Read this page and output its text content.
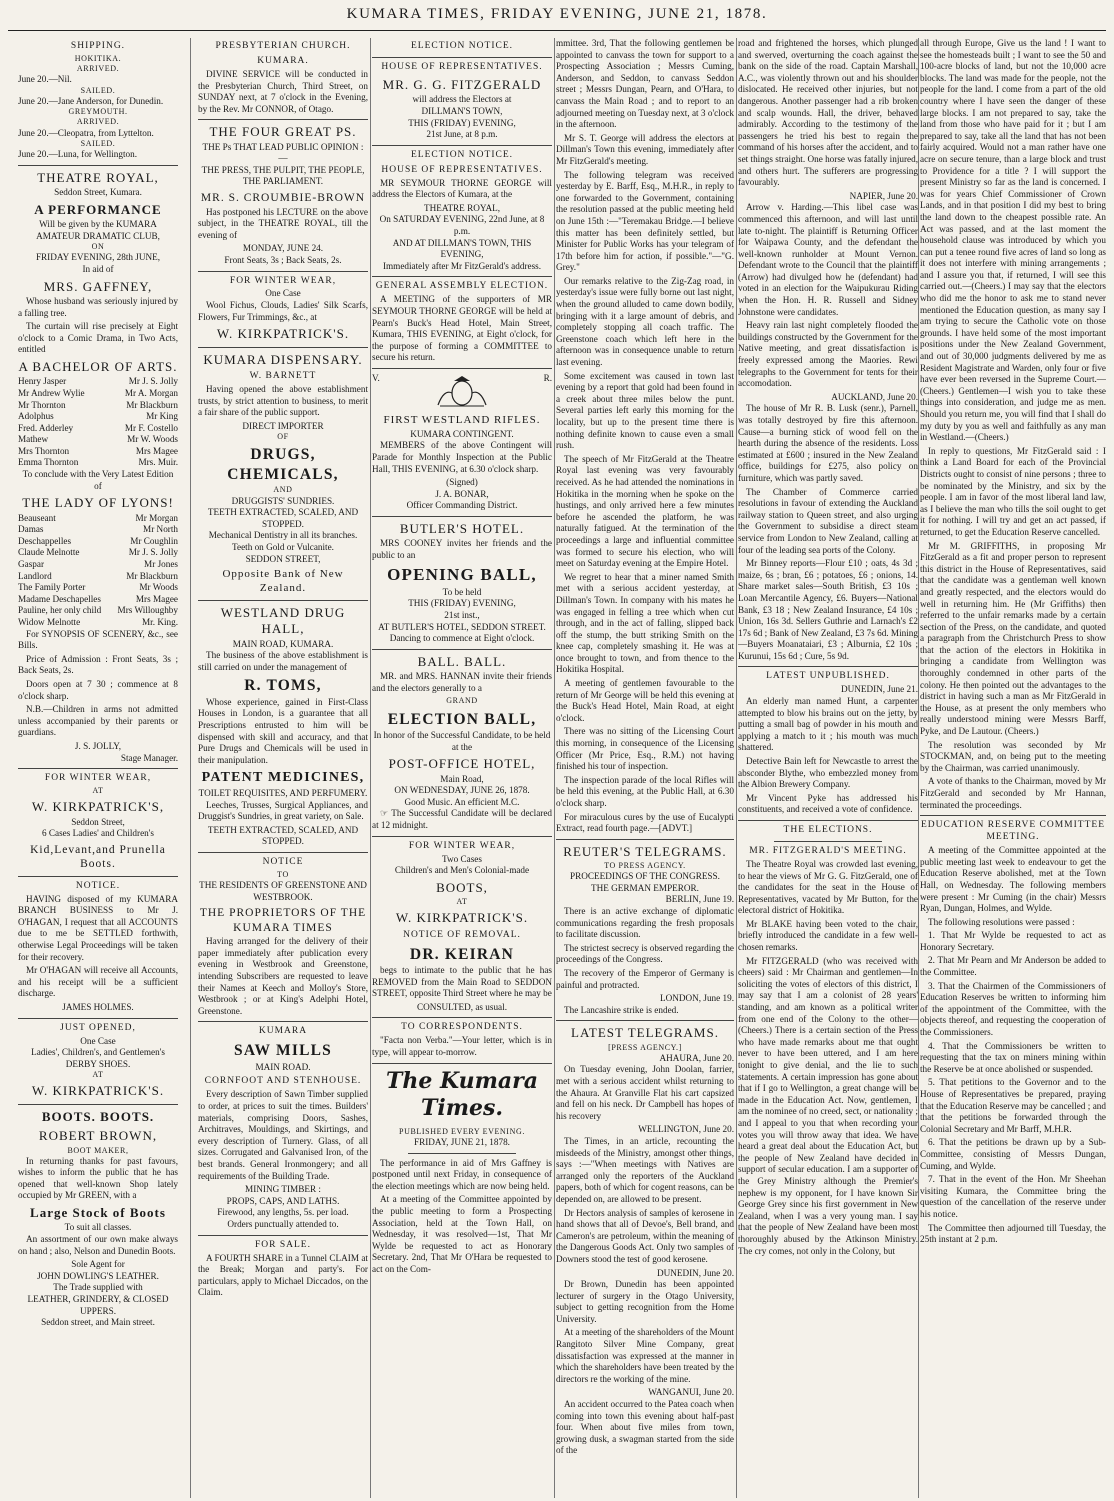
KUMARA TIMES, FRIDAY EVENING, JUNE 21, 1878.
SHIPPING.
HOKITIKA.
ARRIVED.
June 20.—Nil.
SAILED.
June 20.—Jane Anderson, for Dunedin.
GREYMOUTH.
ARRIVED.
June 20.—Cleopatra, from Lyttelton.
SAILED.
June 20.—Luna, for Wellington.
THEATRE ROYAL,
Seddon Street, Kumara.
A PERFORMANCE
Will be given by the KUMARA AMATEUR DRAMATIC CLUB,
ON
FRIDAY EVENING, 28th JUNE,
In aid of
MRS. GAFFNEY,
Whose husband was seriously injured by a falling tree.
The curtain will rise precisely at Eight o'clock to a Comic Drama, in Two Acts, entitled
A BACHELOR OF ARTS.
Henry Jasper	Mr J. S. Jolly
Mr Andrew Wylie	Mr A. Morgan
Mr Thornton	Mr Blackburn
Adolphus	Mr King
Fred. Adderley	Mr F. Costello
Mathew	Mr W. Woods
Mrs Thornton	Mrs Magee
Emma Thornton	Mrs. Muir.
To conclude with the Very Latest Edition of
THE LADY OF LYONS!
Beauseant	Mr Morgan
Damas	Mr North
Deschappelles	Mr Coughlin
Claude Melnotte	Mr J. S. Jolly
Gaspar	Mr Jones
Landlord	Mr Blackburn
The Family Porter	Mr Woods
Madame Deschapelles	Mrs Magee
Pauline, her only child Mrs Willoughby
Widow Melnotte	Mr. King.
For SYNOPSIS OF SCENERY, &c., see Bills.
Price of Admission : Front Seats, 3s ; Back Seats, 2s.
Doors open at 7 30 ; commence at 8 o'clock sharp.
N.B.—Children in arms not admitted unless accompanied by their parents or guardians.
J. S. JOLLY,
Stage Manager.
FOR WINTER WEAR,
AT
W. KIRKPATRICK'S,
Seddon Street,
6 Cases Ladies' and Children's
Kid,Levant,and Prunella Boots.
NOTICE.
HAVING disposed of my KUMARA BRANCH BUSINESS to Mr J. O'HAGAN, I request that all ACCOUNTS due to me be SETTLED forthwith, otherwise Legal Proceedings will be taken for their recovery.
Mr O'HAGAN will receive all Accounts, and his receipt will be a sufficient discharge.
JAMES HOLMES.
JUST OPENED,
One Case
Ladies', Children's, and Gentlemen's
DERBY SHOES.
AT
W. KIRKPATRICK'S.
BOOTS. BOOTS.
ROBERT BROWN,
BOOT MAKER,
In returning thanks for past favours, wishes to inform the public that he has opened that well-known Shop lately occupied by Mr GREEN, with a
Large Stock of Boots
To suit all classes.
An assortment of our own make always on hand ; also, Nelson and Dunedin Boots.
Sole Agent for
JOHN DOWLING'S LEATHER.
The Trade supplied with
LEATHER, GRINDERY, & CLOSED UPPERS.
Seddon street, and Main street.
PRESBYTERIAN CHURCH.
KUMARA.
DIVINE SERVICE will be conducted in the Presbyterian Church, Third Street, on SUNDAY next, at 7 o'clock in the Evening, by the Rev. Mr CONNOR, of Otago.
THE FOUR GREAT PS.
THE Ps THAT LEAD PUBLIC OPINION :—
THE PRESS, THE PULPIT, THE PEOPLE, THE PARLIAMENT.
MR. S. CROUMBIE-BROWN
Has postponed his LECTURE on the above subject, in the THEATRE ROYAL, till the evening of
MONDAY, JUNE 24.
Front Seats, 3s ; Back Seats, 2s.
FOR WINTER WEAR,
One Case
Wool Fichus, Clouds, Ladies' Silk Scarfs, Flowers, Fur Trimmings, &c., at
W. KIRKPATRICK'S.
KUMARA DISPENSARY.
W. BARNETT
Having opened the above establishment trusts, by strict attention to business, to merit a fair share of the public support.
DIRECT IMPORTER
OF
DRUGS, CHEMICALS,
AND
DRUGGISTS' SUNDRIES.
TEETH EXTRACTED, SCALED, AND STOPPED.
Mechanical Dentistry in all its branches.
Teeth on Gold or Vulcanite.
SEDDON STREET,
Opposite Bank of New Zealand.
WESTLAND DRUG HALL,
MAIN ROAD, KUMARA.
The business of the above establishment is still carried on under the management of
R. TOMS,
Whose experience, gained in First-Class Houses in London, is a guarantee that all Prescriptions entrusted to him will be dispensed with skill and accuracy, and that Pure Drugs and Chemicals will be used in their manipulation.
PATENT MEDICINES,
TOILET REQUISITES, AND PERFUMERY.
Leeches, Trusses, Surgical Appliances, and Druggist's Sundries, in great variety, on Sale.
TEETH EXTRACTED, SCALED, AND STOPPED.
NOTICE
TO
THE RESIDENTS OF GREENSTONE AND WESTBROOK.
THE PROPRIETORS OF THE KUMARA TIMES
Having arranged for the delivery of their paper immediately after publication every evening in Westbrook and Greenstone, intending Subscribers are requested to leave their Names at Keech and Molloy's Store, Westbrook ; or at King's Adelphi Hotel, Greenstone.
KUMARA
SAW MILLS
MAIN ROAD.
CORNFOOT AND STENHOUSE.
Every description of Sawn Timber supplied to order, at prices to suit the times. Builders' materials, comprising Doors, Sashes, Architraves, Mouldings, and Skirtings, and every description of Turnery. Glass, of all sizes. Corrugated and Galvanised Iron, of the best brands. General Ironmongery; and all requirements of the Building Trade.
MINING TIMBER :
PROPS, CAPS, AND LATHS.
Firewood, any lengths, 5s. per load.
Orders punctually attended to.
FOR SALE.
A FOURTH SHARE in a Tunnel CLAIM at the Break; Morgan and party's. For particulars, apply to Michael Diccados, on the Claim.
ELECTION NOTICE.
HOUSE OF REPRESENTATIVES.
MR. G. G. FITZGERALD
will address the Electors at
DILLMAN'S TOWN,
THIS (FRIDAY) EVENING,
21st June, at 8 p.m.
ELECTION NOTICE.
HOUSE OF REPRESENTATIVES.
MR SEYMOUR THORNE GEORGE will address the Electors of Kumara, at the
THEATRE ROYAL,
On SATURDAY EVENING, 22nd June, at 8 p.m.
AND AT DILLMAN'S TOWN, THIS EVENING,
Immediately after Mr FitzGerald's address.
GENERAL ASSEMBLY ELECTION.
A MEETING of the supporters of MR SEYMOUR THORNE GEORGE will be held at Pearn's Buck's Head Hotel, Main Street, Kumara, THIS EVENING, at Eight o'clock, for the purpose of forming a COMMITTEE to secure his return.
V.	R.
FIRST WESTLAND RIFLES.
KUMARA CONTINGENT.
MEMBERS of the above Contingent will Parade for Monthly Inspection at the Public Hall, THIS EVENING, at 6.30 o'clock sharp.
(Signed)
J. A. BONAR,
Officer Commanding District.
BUTLER'S HOTEL.
MRS COONEY invites her friends and the public to an
OPENING BALL,
To be held
THIS (FRIDAY) EVENING,
21st inst.,
AT BUTLER'S HOTEL, SEDDON STREET.
Dancing to commence at Eight o'clock.
BALL. BALL.
MR. and MRS. HANNAN invite their friends and the electors generally to a
GRAND
ELECTION BALL,
In honor of the Successful Candidate, to be held at the
POST-OFFICE HOTEL,
Main Road,
ON WEDNESDAY, JUNE 26, 1878.
Good Music. An efficient M.C.
☞ The Successful Candidate will be declared at 12 midnight.
FOR WINTER WEAR,
Two Cases
Children's and Men's Colonial-made
BOOTS,
AT
W. KIRKPATRICK'S.
NOTICE OF REMOVAL.
DR. KEIRAN
begs to intimate to the public that he has REMOVED from the Main Road to SEDDON STREET, opposite Third Street where he may be
CONSULTED, as usual.
TO CORRESPONDENTS.
"Facta non Verba."—Your letter, which is in type, will appear to-morrow.
The Kumara Times.
PUBLISHED EVERY EVENING.
FRIDAY, JUNE 21, 1878.
The performance in aid of Mrs Gaffney is postponed until next Friday, in consequence of the election meetings which are now being held.
At a meeting of the Committee appointed by the public meeting to form a Prospecting Association, held at the Town Hall, on Wednesday, it was resolved—1st, That Mr Wylde be requested to act as Honorary Secretary. 2nd, That Mr O'Hara be requested to act on the Com-
mmittee. 3rd, That the following gentlemen be appointed to canvass the town for support to a Prospecting Association ; Messrs Cuming, Anderson, and Seddon, to canvass Seddon street ; Messrs Dungan, Pearn, and O'Hara, to canvass the Main Road ; and to report to an adjourned meeting on Tuesday next, at 3 o'clock in the afternoon.
Mr S. T. George will address the electors at Dillman's Town this evening, immediately after Mr FitzGerald's meeting.
The following telegram was received yesterday by E. Barff, Esq., M.H.R., in reply to one forwarded to the Government, containing the resolution passed at the public meeting held on June 15th :—"Teremakau Bridge.—I believe this matter has been definitely settled, but Minister for Public Works has your telegram of 17th before him for action, if possible."—"G. Grey."
Our remarks relative to the Zig-Zag road, in yesterday's issue were fully borne out last night, when the ground alluded to came down bodily, bringing with it a large amount of debris, and completely stopping all coach traffic. The Greenstone coach which left here in the afternoon was in consequence unable to return last evening.
Some excitement was caused in town last evening by a report that gold had been found in a creek about three miles below the punt. Several parties left early this morning for the locality, but up to the present time there is nothing definite known to cause even a small rush.
The speech of Mr FitzGerald at the Theatre Royal last evening was very favourably received. As he had attended the nominations in Hokitika in the morning when he spoke on the hustings, and only arrived here a few minutes before he ascended the platform, he was naturally fatigued. At the termination of the proceedings a large and influential committee was formed to secure his election, who will meet on Saturday evening at the Empire Hotel.
We regret to hear that a miner named Smith met with a serious accident yesterday, at Dillman's Town. In company with his mates he was engaged in felling a tree which when cut through, and in the act of falling, slipped back off the stump, the butt striking Smith on the knee cap, completely smashing it. He was at once brought to town, and from thence to the Hokitika Hospital.
A meeting of gentlemen favourable to the return of Mr George will be held this evening at the Buck's Head Hotel, Main Road, at eight o'clock.
There was no sitting of the Licensing Court this morning, in consequence of the Licensing Officer (Mr Price, Esq., R.M.) not having finished his tour of inspection.
The inspection parade of the local Rifles will be held this evening, at the Public Hall, at 6.30 o'clock sharp.
For miraculous cures by the use of Eucalypti Extract, read fourth page.—[ADVT.]
REUTER'S TELEGRAMS.
TO PRESS AGENCY.
PROCEEDINGS OF THE CONGRESS.
THE GERMAN EMPEROR.
BERLIN, June 19.
There is an active exchange of diplomatic communications regarding the fresh proposals to facilitate discussion.
The strictest secrecy is observed regarding the proceedings of the Congress.
The recovery of the Emperor of Germany is painful and protracted.
LONDON, June 19.
The Lancashire strike is ended.
LATEST TELEGRAMS.
[PRESS AGENCY.]
AHAURA, June 20.
On Tuesday evening, John Doolan, farrier, met with a serious accident whilst returning to the Ahaura. At Granville Flat his cart capsized and fell on his neck. Dr Campbell has hopes of his recovery
WELLINGTON, June 20.
The Times, in an article, recounting the misdeeds of the Ministry, amongst other things, says :—"When meetings with Natives are arranged only the reporters of the Auckland papers, both of which for cogent reasons, can be depended on, are allowed to be present.
Dr Hectors analysis of samples of kerosene in hand shows that all of Devoe's, Bell brand, and Cameron's are petroleum, within the meaning of the Dangerous Goods Act. Only two samples of Downers stood the test of good kerosene.
DUNEDIN, June 20.
Dr Brown, Dunedin has been appointed lecturer of surgery in the Otago University, subject to getting recognition from the Home University.
At a meeting of the shareholders of the Mount Rangitoto Silver Mine Company, great dissatisfaction was expressed at the manner in which the shareholders have been treated by the directors re the working of the mine.
WANGANUI, June 20.
An accident occurred to the Patea coach when coming into town this evening about half-past four. When about five miles from town, growing dusk, a swagman started from the side of the
road and frightened the horses, which plunged and swerved, overturning the coach against the bank on the side of the road. Captain Marshall, A.C., was violently thrown out and his shoulder dislocated. He received other injuries, but not dangerous. Another passenger had a rib broken and scalp wounds. Hall, the driver, behaved admirably. According to the testimony of the passengers he tried his best to regain the command of his horses after the accident, and to set things straight. One horse was fatally injured, and others hurt. The sufferers are progressing favourably.
NAPIER, June 20.
Arrow v. Harding.—This libel case was commenced this afternoon, and will last until late to-night. The plaintiff is Returning Officer for Waipawa County, and the defendant the well-known runholder at Mount Vernon. Defendant wrote to the Council that the plaintiff (Arrow) had divulged how he (defendant) had voted in an election for the Waipukurau Riding when the Hon. H. R. Russell and Sidney Johnstone were candidates.
Heavy rain last night completely flooded the buildings constructed by the Government for the Native meeting, and great dissatisfaction is freely expressed among the Maories. Rewi telegraphs to the Government for tents for their accomodation.
AUCKLAND, June 20.
The house of Mr R. B. Lusk (senr.), Parnell, was totally destroyed by fire this afternoon. Cause—a burning stick of wood fell on the hearth during the absence of the residents. Loss estimated at £600 ; insured in the New Zealand office, buildings for £275, also policy on furniture, which was partly saved.
The Chamber of Commerce carried resolutions in favour of extending the Auckland railway station to Queen street, and also urging the Government to subsidise a direct steam service from London to New Zealand, calling at four of the leading sea ports of the Colony.
Mr Binney reports—Flour £10 ; oats, 4s 3d ; maize, 6s ; bran, £6 ; potatoes, £6 ; onions, 14. Share market sales—South British, £3 10s ; Loan Mercantile Agency, £6. Buyers—National Bank, £3 18 ; New Zealand Insurance, £4 10s ; Union, 16s 3d. Sellers Guthrie and Larnach's £2 17s 6d ; Bank of New Zealand, £3 7s 6d. Mining—Buyers Moanataiari, £3 ; Alburnia, £2 10s ; Kurunui, 15s 6d ; Cure, 5s 9d.
LATEST UNPUBLISHED.
DUNEDIN, June 21.
An elderly man named Hunt, a carpenter attempted to blow his brains out on the jetty, by putting a small bag of powder in his mouth and applying a match to it ; his mouth was much shattered.
Detective Bain left for Newcastle to arrest the absconder Blythe, who embezzled money from the Albion Brewery Company.
Mr Vincent Pyke has addressed his constituents, and received a vote of confidence.
THE ELECTIONS.
MR. FITZGERALD'S MEETING.
The Theatre Royal was crowded last evening, to hear the views of Mr G. G. FitzGerald, one of the candidates for the seat in the House of Representatives, vacated by Mr Button, for the electoral district of Hokitika.
Mr BLAKE having been voted to the chair, briefly introduced the candidate in a few well-chosen remarks.
Mr FITZGERALD (who was received with cheers) said : Mr Chairman and gentlemen—In soliciting the votes of electors of this district, I may say that I am a colonist of 28 years' standing, and am known as a political writer from one end of the Colony to the other—(Cheers.) There is a certain section of the Press who have made remarks about me that ought never to have been uttered, and I am here tonight to give denial, and the lie to such statements. A certain impression has gone about that if I go to Wellington, a great change will be made in the Education Act. Now, gentlemen, I am the nominee of no creed, sect, or nationality ; and I appeal to you that when recording your votes you will throw away that idea. We have heard a great deal about the Education Act, but the people of New Zealand have decided in support of secular education. I am a supporter of the Grey Ministry although the Premier's nephew is my opponent, for I have known Sir George Grey since his first government in New Zealand, when I was a very young man. I say that the people of New Zealand have been most thoroughly abused by the Atkinson Ministry. The cry comes, not only in the Colony, but
all through Europe, Give us the land ! I want to see the homesteads built ; I want to see the 50 and 100-acre blocks of land, but not the 10,000 acre blocks. The land was made for the people, not the people for the land. I come from a part of the old country where I have seen the danger of these large blocks. I am not prepared to say, take the land from those who have paid for it ; but I am prepared to say, take all the land that has not been fairly acquired. Would not a man rather have one acre on secure tenure, than a large block and trust to Providence for a title ? I will support the present Ministry so far as the land is concerned. I was for years Chief Commissioner of Crown Lands, and in that position I did my best to bring the land down to the cheapest possible rate. An Act was passed, and at the last moment the household clause was introduced by which you can put a tenee round five acres of land so long as it does not interfere with mining arrangements ; and I assure you that, if returned, I will see this carried out.—(Cheers.) I may say that the electors who did me the honor to ask me to stand never mentioned the Education question, as many say I am trying to secure the Catholic vote on those grounds. I have held some of the most important positions under the New Zealand Government, and out of 30,000 judgments delivered by me as Resident Magistrate and Warden, only four or five have ever been reversed in the Supreme Court.—(Cheers.) Gentlemen—I wish you to take these things into consideration, and judge me as men. Should you return me, you will find that I shall do my duty by you as well and faithfully as any man in Westland.—(Cheers.)
In reply to questions, Mr FitzGerald said : I think a Land Board for each of the Provincial Districts ought to consist of nine persons ; three to be nominated by the Ministry, and six by the people. I am in favor of the most liberal land law, as I believe the man who tills the soil ought to get it for nothing. I will try and get an act passed, if returned, to get the Education Reserve cancelled.
Mr M. GRIFFITHS, in proposing Mr FitzGerald as a fit and proper person to represent this district in the House of Representatives, said that the candidate was a gentleman well known and greatly respected, and the electors would do well in returning him. He (Mr Griffiths) then referred to the unfair remarks made by a certain section of the Press, on the candidate, and quoted a paragraph from the Christchurch Press to show that the action of the electors in Hokitika in bringing a candidate from Wellington was thoroughly condemned in other parts of the colony. He then pointed out the advantages to the district in having such a man as Mr FitzGerald in the House, as at present the only members who really understood mining were Messrs Barff, Pyke, and De Lautour. (Cheers.)
The resolution was seconded by Mr STOCKMAN, and, on being put to the meeting by the Chairman, was carried unanimously.
A vote of thanks to the Chairman, moved by Mr FitzGerald and seconded by Mr Hannan, terminated the proceedings.
EDUCATION RESERVE COMMITTEE MEETING.
A meeting of the Committee appointed at the public meeting last week to endeavour to get the Education Reserve abolished, met at the Town Hall, on Wednesday. The following members were present : Mr Cuming (in the chair) Messrs Ryan, Dungan, Holmes, and Wylde.
The following resolutions were passed :
1. That Mr Wylde be requested to act as Honorary Secretary.
2. That Mr Pearn and Mr Anderson be added to the Committee.
3. That the Chairmen of the Commissioners of Education Reserves be written to informing him of the appointment of the Committee, with the objects thereof, and requesting the cooperation of the Commissioners.
4. That the Commissioners be written to requesting that the tax on miners mining within the Reserve be at once abolished or suspended.
5. That petitions to the Governor and to the House of Representatives be prepared, praying that the Education Reserve may be cancelled ; and that the petitions be forwarded through the Colonial Secretary and Mr Barff, M.H.R.
6. That the petitions be drawn up by a Sub-Committee, consisting of Messrs Dungan, Cuming, and Wylde.
7. That in the event of the Hon. Mr Sheehan visiting Kumara, the Committee bring the question of the cancellation of the reserve under his notice.
The Committee then adjourned till Tuesday, the 25th instant at 2 p.m.
